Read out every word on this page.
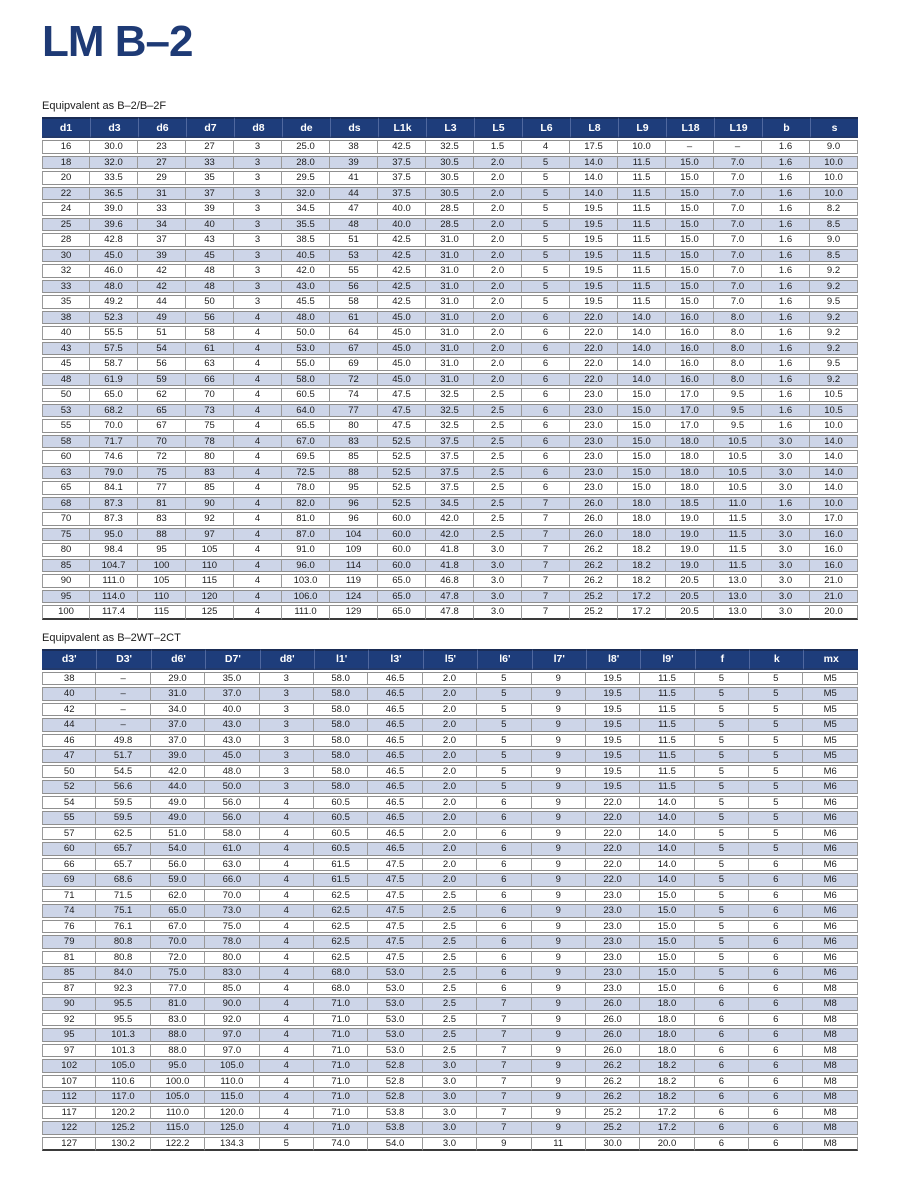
LM B–2
Equipvalent as B–2/B–2F
d1	d3	d6	d7	d8	de	ds	L1k	L3	L5	L6	L8	L9	L18	L19	b	s
16	30.0	23	27	3	25.0	38	42.5	32.5	1.5	4	17.5	10.0	–	–	1.6	9.0
18	32.0	27	33	3	28.0	39	37.5	30.5	2.0	5	14.0	11.5	15.0	7.0	1.6	10.0
20	33.5	29	35	3	29.5	41	37.5	30.5	2.0	5	14.0	11.5	15.0	7.0	1.6	10.0
22	36.5	31	37	3	32.0	44	37.5	30.5	2.0	5	14.0	11.5	15.0	7.0	1.6	10.0
24	39.0	33	39	3	34.5	47	40.0	28.5	2.0	5	19.5	11.5	15.0	7.0	1.6	8.2
25	39.6	34	40	3	35.5	48	40.0	28.5	2.0	5	19.5	11.5	15.0	7.0	1.6	8.5
28	42.8	37	43	3	38.5	51	42.5	31.0	2.0	5	19.5	11.5	15.0	7.0	1.6	9.0
30	45.0	39	45	3	40.5	53	42.5	31.0	2.0	5	19.5	11.5	15.0	7.0	1.6	8.5
32	46.0	42	48	3	42.0	55	42.5	31.0	2.0	5	19.5	11.5	15.0	7.0	1.6	9.2
33	48.0	42	48	3	43.0	56	42.5	31.0	2.0	5	19.5	11.5	15.0	7.0	1.6	9.2
35	49.2	44	50	3	45.5	58	42.5	31.0	2.0	5	19.5	11.5	15.0	7.0	1.6	9.5
38	52.3	49	56	4	48.0	61	45.0	31.0	2.0	6	22.0	14.0	16.0	8.0	1.6	9.2
40	55.5	51	58	4	50.0	64	45.0	31.0	2.0	6	22.0	14.0	16.0	8.0	1.6	9.2
43	57.5	54	61	4	53.0	67	45.0	31.0	2.0	6	22.0	14.0	16.0	8.0	1.6	9.2
45	58.7	56	63	4	55.0	69	45.0	31.0	2.0	6	22.0	14.0	16.0	8.0	1.6	9.5
48	61.9	59	66	4	58.0	72	45.0	31.0	2.0	6	22.0	14.0	16.0	8.0	1.6	9.2
50	65.0	62	70	4	60.5	74	47.5	32.5	2.5	6	23.0	15.0	17.0	9.5	1.6	10.5
53	68.2	65	73	4	64.0	77	47.5	32.5	2.5	6	23.0	15.0	17.0	9.5	1.6	10.5
55	70.0	67	75	4	65.5	80	47.5	32.5	2.5	6	23.0	15.0	17.0	9.5	1.6	10.0
58	71.7	70	78	4	67.0	83	52.5	37.5	2.5	6	23.0	15.0	18.0	10.5	3.0	14.0
60	74.6	72	80	4	69.5	85	52.5	37.5	2.5	6	23.0	15.0	18.0	10.5	3.0	14.0
63	79.0	75	83	4	72.5	88	52.5	37.5	2.5	6	23.0	15.0	18.0	10.5	3.0	14.0
65	84.1	77	85	4	78.0	95	52.5	37.5	2.5	6	23.0	15.0	18.0	10.5	3.0	14.0
68	87.3	81	90	4	82.0	96	52.5	34.5	2.5	7	26.0	18.0	18.5	11.0	1.6	10.0
70	87.3	83	92	4	81.0	96	60.0	42.0	2.5	7	26.0	18.0	19.0	11.5	3.0	17.0
75	95.0	88	97	4	87.0	104	60.0	42.0	2.5	7	26.0	18.0	19.0	11.5	3.0	16.0
80	98.4	95	105	4	91.0	109	60.0	41.8	3.0	7	26.2	18.2	19.0	11.5	3.0	16.0
85	104.7	100	110	4	96.0	114	60.0	41.8	3.0	7	26.2	18.2	19.0	11.5	3.0	16.0
90	111.0	105	115	4	103.0	119	65.0	46.8	3.0	7	26.2	18.2	20.5	13.0	3.0	21.0
95	114.0	110	120	4	106.0	124	65.0	47.8	3.0	7	25.2	17.2	20.5	13.0	3.0	21.0
100	117.4	115	125	4	111.0	129	65.0	47.8	3.0	7	25.2	17.2	20.5	13.0	3.0	20.0
Equipvalent as B–2WT–2CT
d3'	D3'	d6'	D7'	d8'	l1'	l3'	l5'	l6'	l7'	l8'	l9'	f	k	mx
38	–	29.0	35.0	3	58.0	46.5	2.0	5	9	19.5	11.5	5	5	M5
40	–	31.0	37.0	3	58.0	46.5	2.0	5	9	19.5	11.5	5	5	M5
42	–	34.0	40.0	3	58.0	46.5	2.0	5	9	19.5	11.5	5	5	M5
44	–	37.0	43.0	3	58.0	46.5	2.0	5	9	19.5	11.5	5	5	M5
46	49.8	37.0	43.0	3	58.0	46.5	2.0	5	9	19.5	11.5	5	5	M5
47	51.7	39.0	45.0	3	58.0	46.5	2.0	5	9	19.5	11.5	5	5	M5
50	54.5	42.0	48.0	3	58.0	46.5	2.0	5	9	19.5	11.5	5	5	M6
52	56.6	44.0	50.0	3	58.0	46.5	2.0	5	9	19.5	11.5	5	5	M6
54	59.5	49.0	56.0	4	60.5	46.5	2.0	6	9	22.0	14.0	5	5	M6
55	59.5	49.0	56.0	4	60.5	46.5	2.0	6	9	22.0	14.0	5	5	M6
57	62.5	51.0	58.0	4	60.5	46.5	2.0	6	9	22.0	14.0	5	5	M6
60	65.7	54.0	61.0	4	60.5	46.5	2.0	6	9	22.0	14.0	5	5	M6
66	65.7	56.0	63.0	4	61.5	47.5	2.0	6	9	22.0	14.0	5	6	M6
69	68.6	59.0	66.0	4	61.5	47.5	2.0	6	9	22.0	14.0	5	6	M6
71	71.5	62.0	70.0	4	62.5	47.5	2.5	6	9	23.0	15.0	5	6	M6
74	75.1	65.0	73.0	4	62.5	47.5	2.5	6	9	23.0	15.0	5	6	M6
76	76.1	67.0	75.0	4	62.5	47.5	2.5	6	9	23.0	15.0	5	6	M6
79	80.8	70.0	78.0	4	62.5	47.5	2.5	6	9	23.0	15.0	5	6	M6
81	80.8	72.0	80.0	4	62.5	47.5	2.5	6	9	23.0	15.0	5	6	M6
85	84.0	75.0	83.0	4	68.0	53.0	2.5	6	9	23.0	15.0	5	6	M6
87	92.3	77.0	85.0	4	68.0	53.0	2.5	6	9	23.0	15.0	6	6	M8
90	95.5	81.0	90.0	4	71.0	53.0	2.5	7	9	26.0	18.0	6	6	M8
92	95.5	83.0	92.0	4	71.0	53.0	2.5	7	9	26.0	18.0	6	6	M8
95	101.3	88.0	97.0	4	71.0	53.0	2.5	7	9	26.0	18.0	6	6	M8
97	101.3	88.0	97.0	4	71.0	53.0	2.5	7	9	26.0	18.0	6	6	M8
102	105.0	95.0	105.0	4	71.0	52.8	3.0	7	9	26.2	18.2	6	6	M8
107	110.6	100.0	110.0	4	71.0	52.8	3.0	7	9	26.2	18.2	6	6	M8
112	117.0	105.0	115.0	4	71.0	52.8	3.0	7	9	26.2	18.2	6	6	M8
117	120.2	110.0	120.0	4	71.0	53.8	3.0	7	9	25.2	17.2	6	6	M8
122	125.2	115.0	125.0	4	71.0	53.8	3.0	7	9	25.2	17.2	6	6	M8
127	130.2	122.2	134.3	5	74.0	54.0	3.0	9	11	30.0	20.0	6	6	M8
